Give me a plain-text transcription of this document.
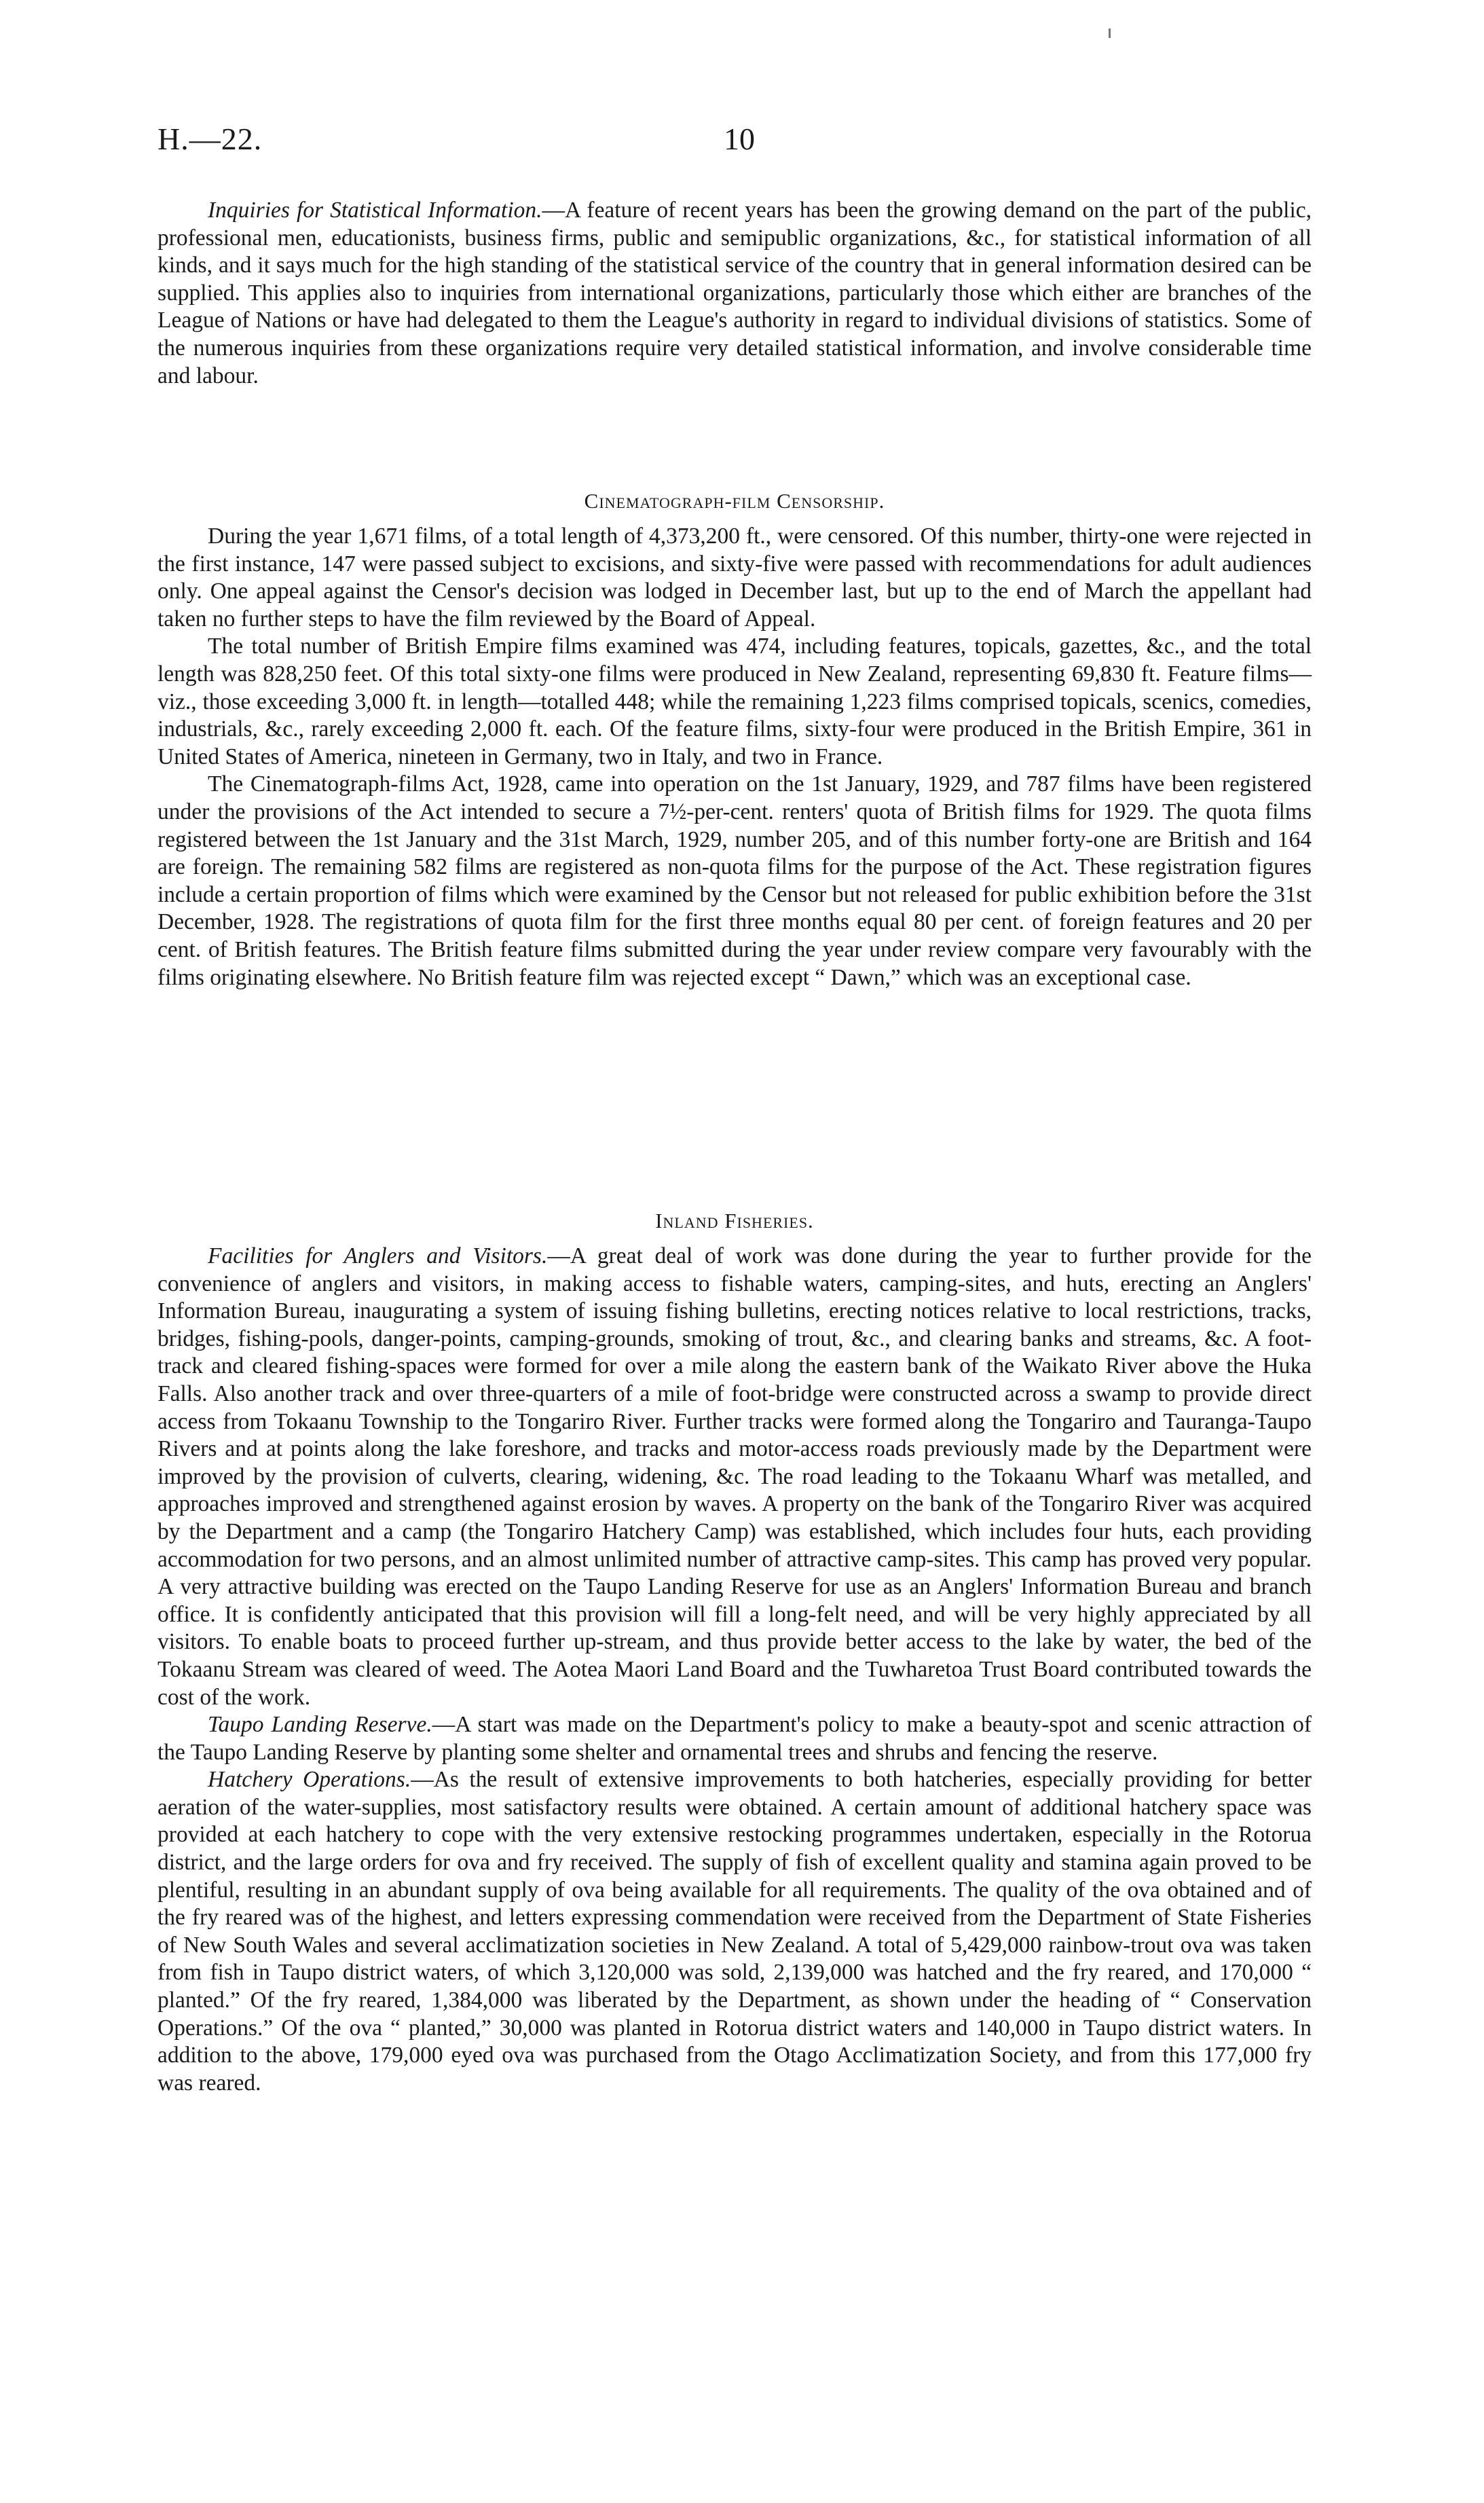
H.—22.	10

Inquiries for Statistical Information.—A feature of recent years has been the growing demand on the part of the public, professional men, educationists, business firms, public and semipublic organizations, &c., for statistical information of all kinds, and it says much for the high standing of the statistical service of the country that in general information desired can be supplied. This applies also to inquiries from international organizations, particularly those which either are branches of the League of Nations or have had delegated to them the League's authority in regard to individual divisions of statistics. Some of the numerous inquiries from these organizations require very detailed statistical information, and involve considerable time and labour.

Cinematograph-film Censorship.

During the year 1,671 films, of a total length of 4,373,200 ft., were censored. Of this number, thirty-one were rejected in the first instance, 147 were passed subject to excisions, and sixty-five were passed with recommendations for adult audiences only. One appeal against the Censor's decision was lodged in December last, but up to the end of March the appellant had taken no further steps to have the film reviewed by the Board of Appeal.

The total number of British Empire films examined was 474, including features, topicals, gazettes, &c., and the total length was 828,250 feet. Of this total sixty-one films were produced in New Zealand, representing 69,830 ft. Feature films—viz., those exceeding 3,000 ft. in length—totalled 448; while the remaining 1,223 films comprised topicals, scenics, comedies, industrials, &c., rarely exceeding 2,000 ft. each. Of the feature films, sixty-four were produced in the British Empire, 361 in United States of America, nineteen in Germany, two in Italy, and two in France.

The Cinematograph-films Act, 1928, came into operation on the 1st January, 1929, and 787 films have been registered under the provisions of the Act intended to secure a 7½-per-cent. renters' quota of British films for 1929. The quota films registered between the 1st January and the 31st March, 1929, number 205, and of this number forty-one are British and 164 are foreign. The remaining 582 films are registered as non-quota films for the purpose of the Act. These registration figures include a certain proportion of films which were examined by the Censor but not released for public exhibition before the 31st December, 1928. The registrations of quota film for the first three months equal 80 per cent. of foreign features and 20 per cent. of British features. The British feature films submitted during the year under review compare very favourably with the films originating elsewhere. No British feature film was rejected except “ Dawn,” which was an exceptional case.

Inland Fisheries.

Facilities for Anglers and Visitors.—A great deal of work was done during the year to further provide for the convenience of anglers and visitors, in making access to fishable waters, camping-sites, and huts, erecting an Anglers' Information Bureau, inaugurating a system of issuing fishing bulletins, erecting notices relative to local restrictions, tracks, bridges, fishing-pools, danger-points, camping-grounds, smoking of trout, &c., and clearing banks and streams, &c. A foot-track and cleared fishing-spaces were formed for over a mile along the eastern bank of the Waikato River above the Huka Falls. Also another track and over three-quarters of a mile of foot-bridge were constructed across a swamp to provide direct access from Tokaanu Township to the Tongariro River. Further tracks were formed along the Tongariro and Tauranga-Taupo Rivers and at points along the lake foreshore, and tracks and motor-access roads previously made by the Department were improved by the provision of culverts, clearing, widening, &c. The road leading to the Tokaanu Wharf was metalled, and approaches improved and strengthened against erosion by waves. A property on the bank of the Tongariro River was acquired by the Department and a camp (the Tongariro Hatchery Camp) was established, which includes four huts, each providing accommodation for two persons, and an almost unlimited number of attractive camp-sites. This camp has proved very popular. A very attractive building was erected on the Taupo Landing Reserve for use as an Anglers' Information Bureau and branch office. It is confidently anticipated that this provision will fill a long-felt need, and will be very highly appreciated by all visitors. To enable boats to proceed further up-stream, and thus provide better access to the lake by water, the bed of the Tokaanu Stream was cleared of weed. The Aotea Maori Land Board and the Tuwharetoa Trust Board contributed towards the cost of the work.

Taupo Landing Reserve.—A start was made on the Department's policy to make a beauty-spot and scenic attraction of the Taupo Landing Reserve by planting some shelter and ornamental trees and shrubs and fencing the reserve.

Hatchery Operations.—As the result of extensive improvements to both hatcheries, especially providing for better aeration of the water-supplies, most satisfactory results were obtained. A certain amount of additional hatchery space was provided at each hatchery to cope with the very extensive restocking programmes undertaken, especially in the Rotorua district, and the large orders for ova and fry received. The supply of fish of excellent quality and stamina again proved to be plentiful, resulting in an abundant supply of ova being available for all requirements. The quality of the ova obtained and of the fry reared was of the highest, and letters expressing commendation were received from the Department of State Fisheries of New South Wales and several acclimatization societies in New Zealand. A total of 5,429,000 rainbow-trout ova was taken from fish in Taupo district waters, of which 3,120,000 was sold, 2,139,000 was hatched and the fry reared, and 170,000 “ planted.” Of the fry reared, 1,384,000 was liberated by the Department, as shown under the heading of “ Conservation Operations.” Of the ova “ planted,” 30,000 was planted in Rotorua district waters and 140,000 in Taupo district waters. In addition to the above, 179,000 eyed ova was purchased from the Otago Acclimatization Society, and from this 177,000 fry was reared.
